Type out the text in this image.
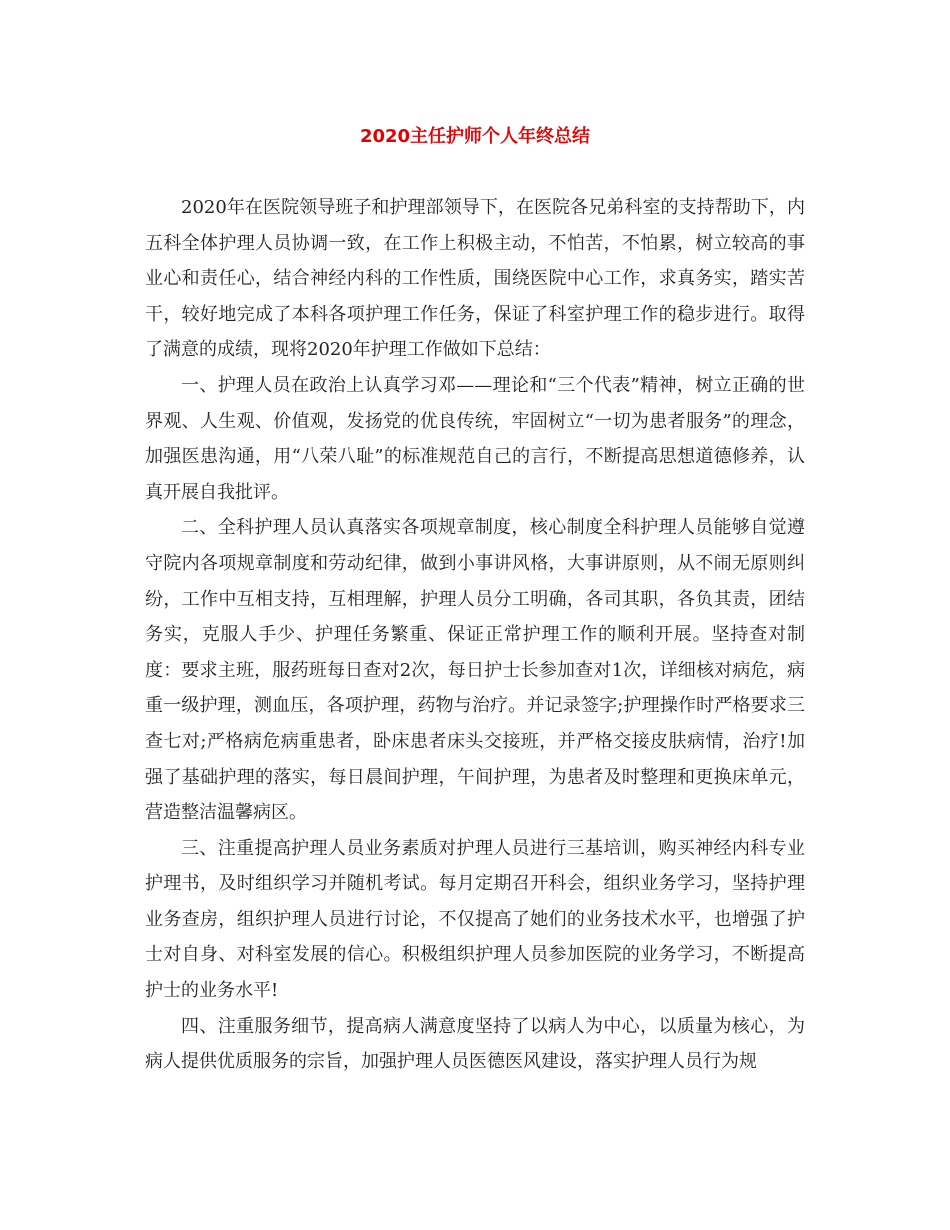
2020主任护师个人年终总结

2020年在医院领导班子和护理部领导下，在医院各兄弟科室的支持帮助下，内五科全体护理人员协调一致，在工作上积极主动，不怕苦，不怕累，树立较高的事业心和责任心，结合神经内科的工作性质，围绕医院中心工作，求真务实，踏实苦干，较好地完成了本科各项护理工作任务，保证了科室护理工作的稳步进行。取得了满意的成绩，现将2020年护理工作做如下总结：

一、护理人员在政治上认真学习邓——理论和“三个代表”精神，树立正确的世界观、人生观、价值观，发扬党的优良传统，牢固树立“一切为患者服务”的理念，加强医患沟通，用“八荣八耻”的标准规范自己的言行，不断提高思想道德修养，认真开展自我批评。

二、全科护理人员认真落实各项规章制度，核心制度全科护理人员能够自觉遵守院内各项规章制度和劳动纪律，做到小事讲风格，大事讲原则，从不闹无原则纠纷，工作中互相支持，互相理解，护理人员分工明确，各司其职，各负其责，团结务实，克服人手少、护理任务繁重、保证正常护理工作的顺利开展。坚持查对制度：要求主班，服药班每日查对2次，每日护士长参加查对1次，详细核对病危，病重一级护理，测血压，各项护理，药物与治疗。并记录签字;护理操作时严格要求三查七对;严格病危病重患者，卧床患者床头交接班，并严格交接皮肤病情，治疗!加强了基础护理的落实，每日晨间护理，午间护理，为患者及时整理和更换床单元，营造整洁温馨病区。

三、注重提高护理人员业务素质对护理人员进行三基培训，购买神经内科专业护理书，及时组织学习并随机考试。每月定期召开科会，组织业务学习，坚持护理业务查房，组织护理人员进行讨论，不仅提高了她们的业务技术水平，也增强了护士对自身、对科室发展的信心。积极组织护理人员参加医院的业务学习，不断提高护士的业务水平!

四、注重服务细节，提高病人满意度坚持了以病人为中心，以质量为核心，为病人提供优质服务的宗旨，加强护理人员医德医风建设，落实护理人员行为规
